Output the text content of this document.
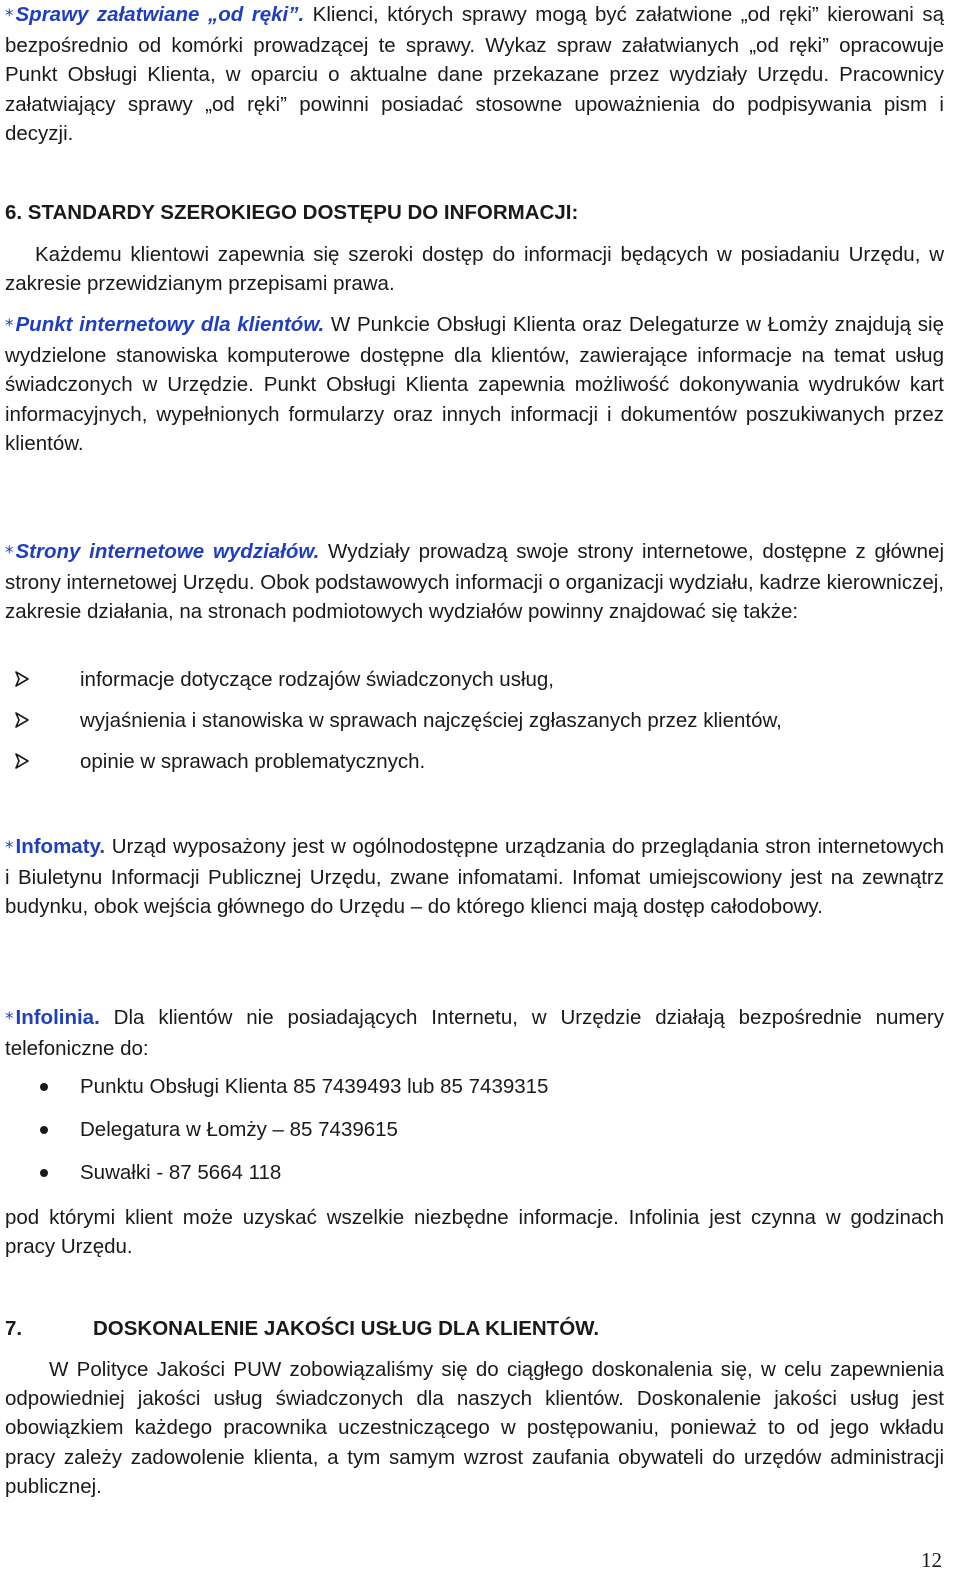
*Sprawy załatwiane „od ręki”. Klienci, których sprawy mogą być załatwione „od ręki” kierowani są bezpośrednio od komórki prowadzącej te sprawy. Wykaz spraw załatwianych „od ręki” opracowuje Punkt Obsługi Klienta, w oparciu o aktualne dane przekazane przez wydziały Urzędu. Pracownicy załatwiający sprawy „od ręki” powinni posiadać stosowne upoważnienia do podpisywania pism i decyzji.

6. STANDARDY SZEROKIEGO DOSTĘPU DO INFORMACJI:

Każdemu klientowi zapewnia się szeroki dostęp do informacji będących w posiadaniu Urzędu, w zakresie przewidzianym przepisami prawa.

*Punkt internetowy dla klientów. W Punkcie Obsługi Klienta oraz Delegaturze w Łomży znajdują się wydzielone stanowiska komputerowe dostępne dla klientów, zawierające informacje na temat usług świadczonych w Urzędzie. Punkt Obsługi Klienta zapewnia możliwość dokonywania wydruków kart informacyjnych, wypełnionych formularzy oraz innych informacji i dokumentów poszukiwanych przez klientów.

*Strony internetowe wydziałów. Wydziały prowadzą swoje strony internetowe, dostępne z głównej strony internetowej Urzędu. Obok podstawowych informacji o organizacji wydziału, kadrze kierowniczej, zakresie działania, na stronach podmiotowych wydziałów powinny znajdować się także:

informacje dotyczące rodzajów świadczonych usług,
wyjaśnienia i stanowiska w sprawach najczęściej zgłaszanych przez klientów,
opinie w sprawach problematycznych.

*Infomaty. Urząd wyposażony jest w ogólnodostępne urządzania do przeglądania stron internetowych i Biuletynu Informacji Publicznej Urzędu, zwane infomatami. Infomat umiejscowiony jest na zewnątrz budynku, obok wejścia głównego do Urzędu – do którego klienci mają dostęp całodobowy.

*Infolinia. Dla klientów nie posiadających Internetu, w Urzędzie działają bezpośrednie numery telefoniczne do:

Punktu Obsługi Klienta 85 7439493 lub 85 7439315
Delegatura w Łomży – 85 7439615
Suwałki - 87 5664 118

pod którymi klient może uzyskać wszelkie niezbędne informacje. Infolinia jest czynna w godzinach pracy Urzędu.

7.	DOSKONALENIE JAKOŚCI USŁUG DLA KLIENTÓW.

W Polityce Jakości PUW zobowiązaliśmy się do ciągłego doskonalenia się, w celu zapewnienia odpowiedniej jakości usług świadczonych dla naszych klientów. Doskonalenie jakości usług jest obowiązkiem każdego pracownika uczestniczącego w postępowaniu, ponieważ to od jego wkładu pracy zależy zadowolenie klienta, a tym samym wzrost zaufania obywateli do urzędów administracji publicznej.

12
